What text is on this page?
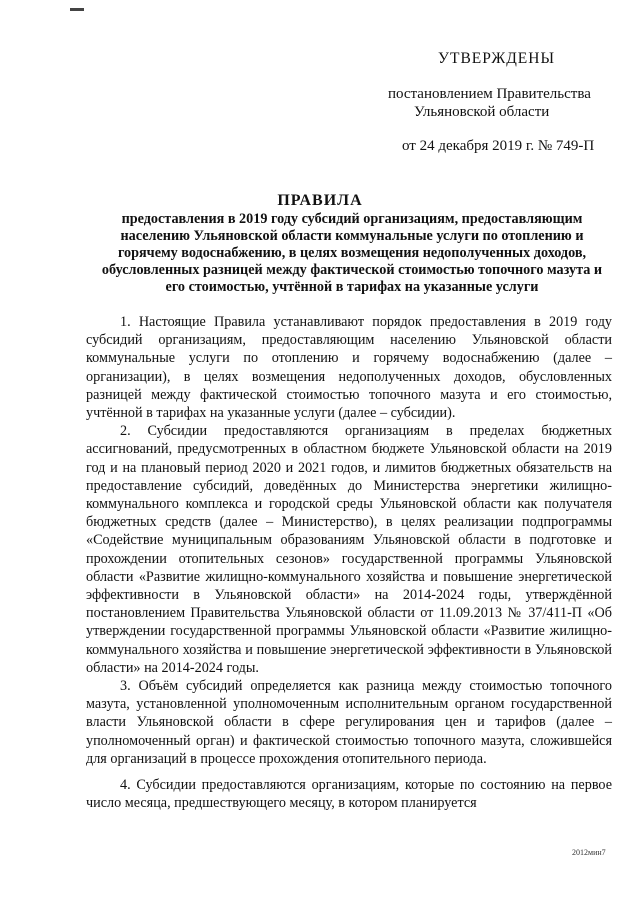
УТВЕРЖДЕНЫ
постановлением Правительства
Ульяновской области
от 24 декабря 2019 г. № 749-П
ПРАВИЛА
предоставления в 2019 году субсидий организациям, предоставляющим населению Ульяновской области коммунальные услуги по отоплению и горячему водоснабжению, в целях возмещения недополученных доходов, обусловленных разницей между фактической стоимостью топочного мазута и его стоимостью, учтённой в тарифах на указанные услуги

1. Настоящие Правила устанавливают порядок предоставления в 2019 году субсидий организациям, предоставляющим населению Ульяновской области коммунальные услуги по отоплению и горячему водоснабжению (далее – организации), в целях возмещения недополученных доходов, обусловленных разницей между фактической стоимостью топочного мазута и его стоимостью, учтённой в тарифах на указанные услуги (далее – субсидии).

2. Субсидии предоставляются организациям в пределах бюджетных ассигнований, предусмотренных в областном бюджете Ульяновской области на 2019 год и на плановый период 2020 и 2021 годов, и лимитов бюджетных обязательств на предоставление субсидий, доведённых до Министерства энергетики жилищно-коммунального комплекса и городской среды Ульяновской области как получателя бюджетных средств (далее – Министерство), в целях реализации подпрограммы «Содействие муниципальным образованиям Ульяновской области в подготовке и прохождении отопительных сезонов» государственной программы Ульяновской области «Развитие жилищно-коммунального хозяйства и повышение энергетической эффективности в Ульяновской области» на 2014-2024 годы, утверждённой постановлением Правительства Ульяновской области от 11.09.2013 № 37/411-П «Об утверждении государственной программы Ульяновской области «Развитие жилищно-коммунального хозяйства и повышение энергетической эффективности в Ульяновской области» на 2014-2024 годы.

3. Объём субсидий определяется как разница между стоимостью топочного мазута, установленной уполномоченным исполнительным органом государственной власти Ульяновской области в сфере регулирования цен и тарифов (далее – уполномоченный орган) и фактической стоимостью топочного мазута, сложившейся для организаций в процессе прохождения отопительного периода.

4. Субсидии предоставляются организациям, которые по состоянию на первое число месяца, предшествующего месяцу, в котором планируется

2012мин7
